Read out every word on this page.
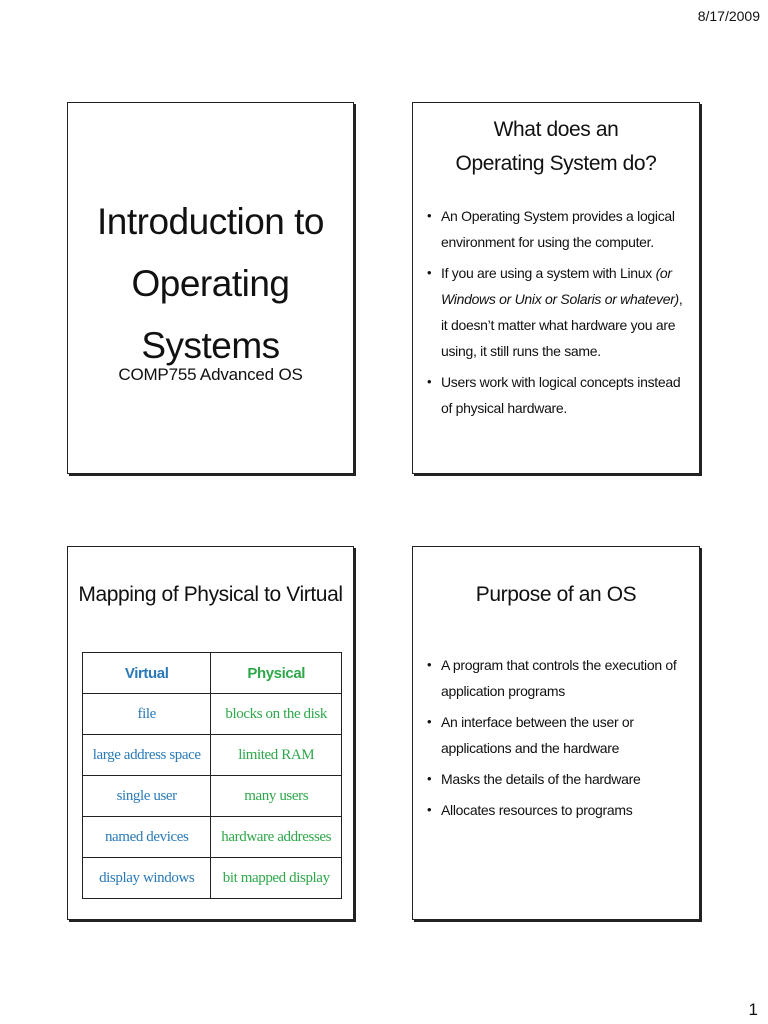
8/17/2009
Introduction to
Operating Systems
COMP755 Advanced OS
What does an
Operating System do?
• An Operating System provides a logical environment for using the computer.
• If you are using a system with Linux (or Windows or Unix or Solaris or whatever), it doesn’t matter what hardware you are using, it still runs the same.
• Users work with logical concepts instead of physical hardware.
Mapping of Physical to Virtual
Virtual	Physical
file	blocks on the disk
large address space	limited RAM
single user	many users
named devices	hardware addresses
display windows	bit mapped display
Purpose of an OS
• A program that controls the execution of application programs
• An interface between the user or applications and the hardware
• Masks the details of the hardware
• Allocates resources to programs
1
